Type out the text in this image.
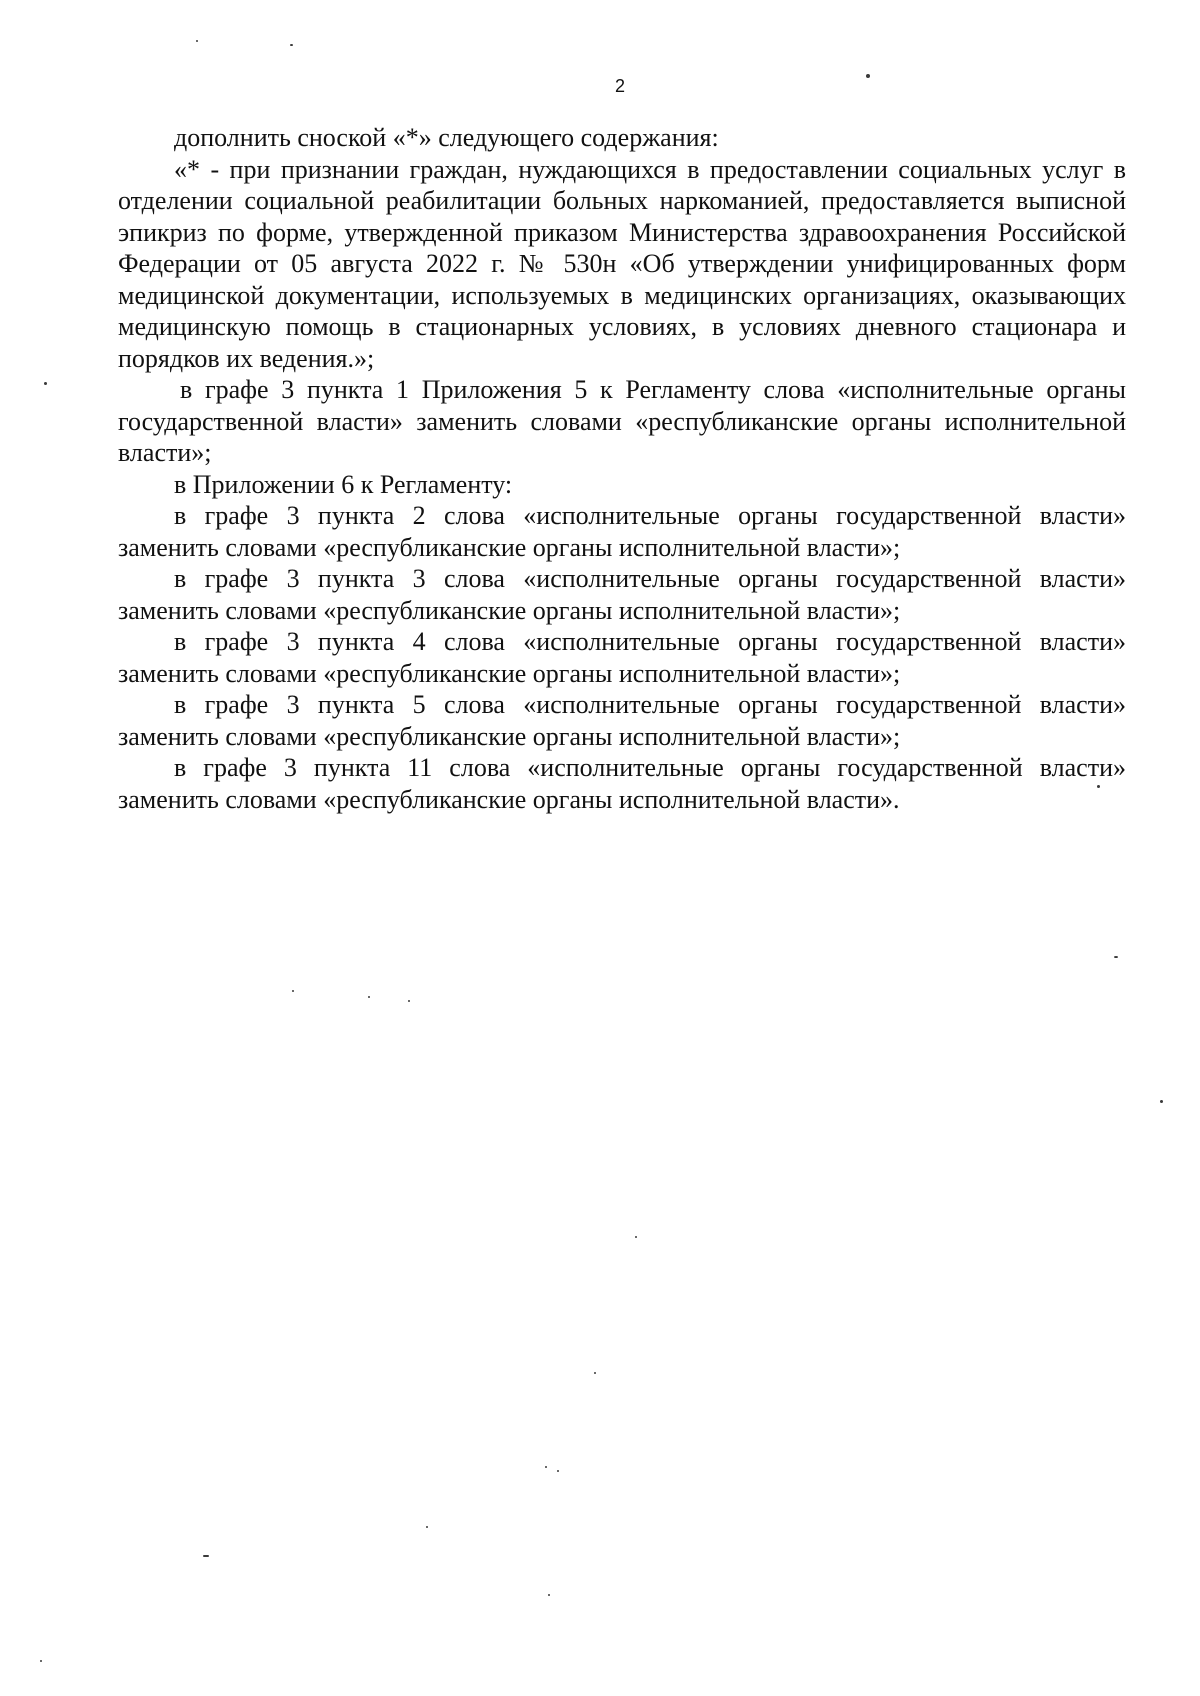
2

дополнить сноской «*» следующего содержания:

«* - при признании граждан, нуждающихся в предоставлении социальных услуг в отделении социальной реабилитации больных наркоманией, предоставляется выписной эпикриз по форме, утвержденной приказом Министерства здравоохранения Российской Федерации от 05 августа 2022 г. № 530н «Об утверждении унифицированных форм медицинской документации, используемых в медицинских организациях, оказывающих медицинскую помощь в стационарных условиях, в условиях дневного стационара и порядков их ведения.»;

в графе 3 пункта 1 Приложения 5 к Регламенту слова «исполнительные органы государственной власти» заменить словами «республиканские органы исполнительной власти»;

в Приложении 6 к Регламенту:

в графе 3 пункта 2 слова «исполнительные органы государственной власти» заменить словами «республиканские органы исполнительной власти»;

в графе 3 пункта 3 слова «исполнительные органы государственной власти» заменить словами «республиканские органы исполнительной власти»;

в графе 3 пункта 4 слова «исполнительные органы государственной власти» заменить словами «республиканские органы исполнительной власти»;

в графе 3 пункта 5 слова «исполнительные органы государственной власти» заменить словами «республиканские органы исполнительной власти»;

в графе 3 пункта 11 слова «исполнительные органы государственной власти» заменить словами «республиканские органы исполнительной власти».
